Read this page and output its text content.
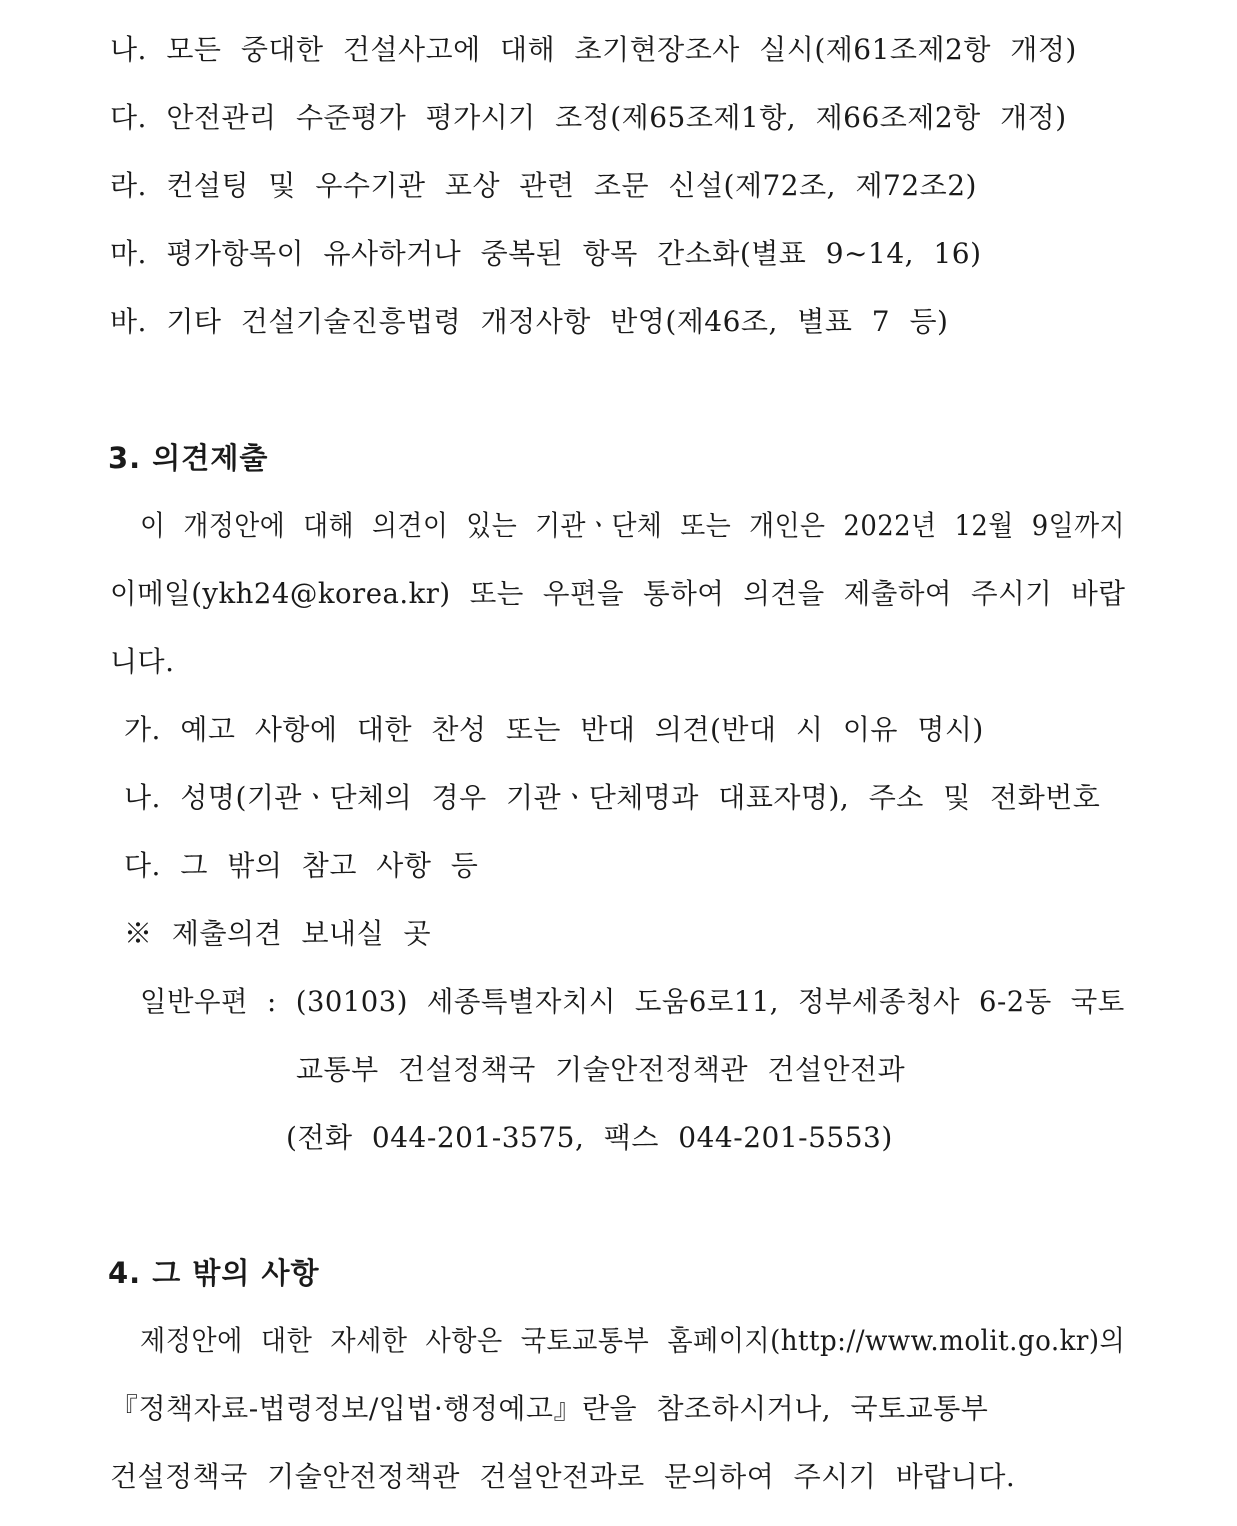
나. 모든 중대한 건설사고에 대해 초기현장조사 실시(제61조제2항 개정)
다. 안전관리 수준평가 평가시기 조정(제65조제1항, 제66조제2항 개정)
라. 컨설팅 및 우수기관 포상 관련 조문 신설(제72조, 제72조2)
마. 평가항목이 유사하거나 중복된 항목 간소화(별표 9∼14, 16)
바. 기타 건설기술진흥법령 개정사항 반영(제46조, 별표 7 등)
3. 의견제출
이 개정안에 대해 의견이 있는 기관ㆍ단체 또는 개인은 2022년 12월 9일까지
이메일(ykh24@korea.kr) 또는 우편을 통하여 의견을 제출하여 주시기 바랍
니다.
가. 예고 사항에 대한 찬성 또는 반대 의견(반대 시 이유 명시)
나. 성명(기관ㆍ단체의 경우 기관ㆍ단체명과 대표자명), 주소 및 전화번호
다. 그 밖의 참고 사항 등
※ 제출의견 보내실 곳
일반우편 : (30103) 세종특별자치시 도움6로11, 정부세종청사 6-2동 국토
교통부 건설정책국 기술안전정책관 건설안전과
(전화 044-201-3575, 팩스 044-201-5553)
4. 그 밖의 사항
제정안에 대한 자세한 사항은 국토교통부 홈페이지(http://www.molit.go.kr)의
『정책자료-법령정보/입법·행정예고』란을 참조하시거나, 국토교통부
건설정책국 기술안전정책관 건설안전과로 문의하여 주시기 바랍니다.
